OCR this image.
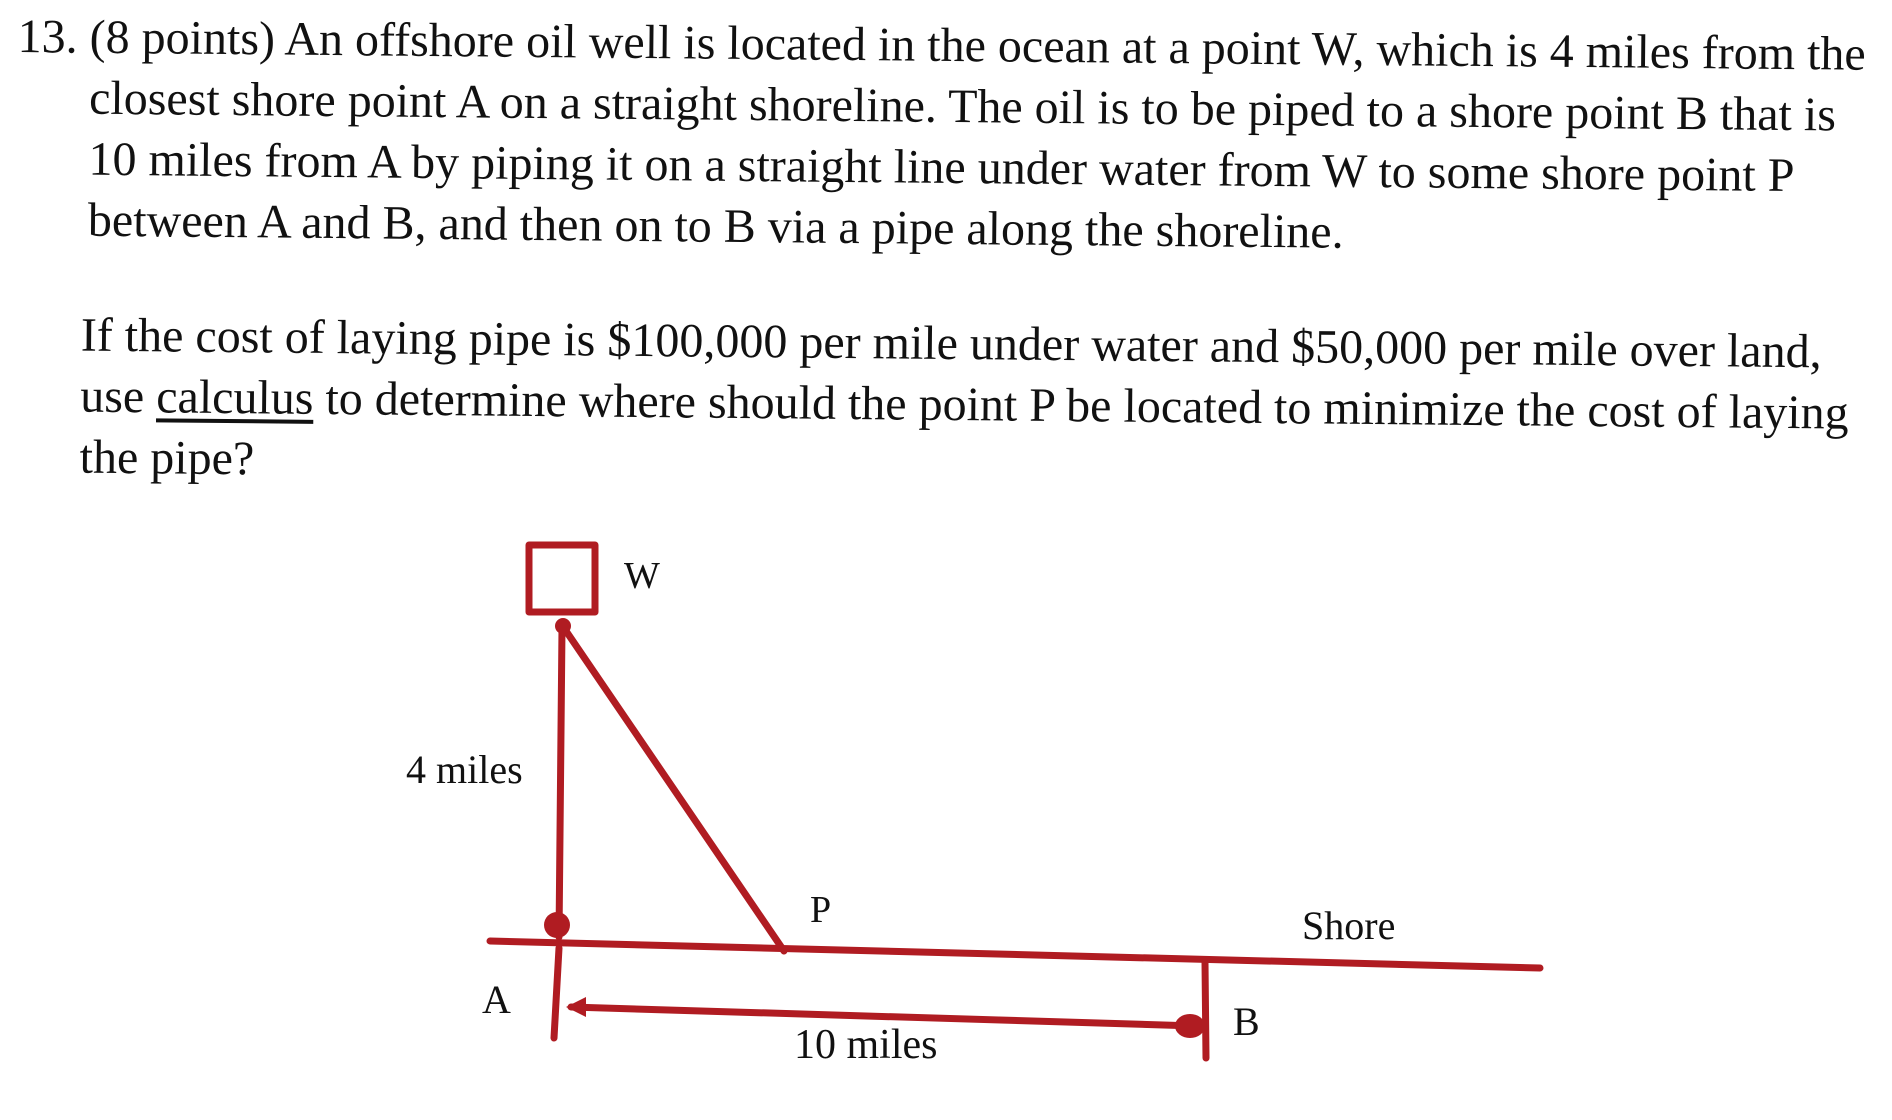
13. (8 points) An offshore oil well is located in the ocean at a point W, which is 4 miles from the closest shore point A on a straight shoreline. The oil is to be piped to a shore point B that is 10 miles from A by piping it on a straight line under water from W to some shore point P between A and B, and then on to B via a pipe along the shoreline.

If the cost of laying pipe is $100,000 per mile under water and $50,000 per mile over land, use calculus to determine where should the point P be located to minimize the cost of laying the pipe?

W
4 miles
P	Shore
A	B
10 miles
